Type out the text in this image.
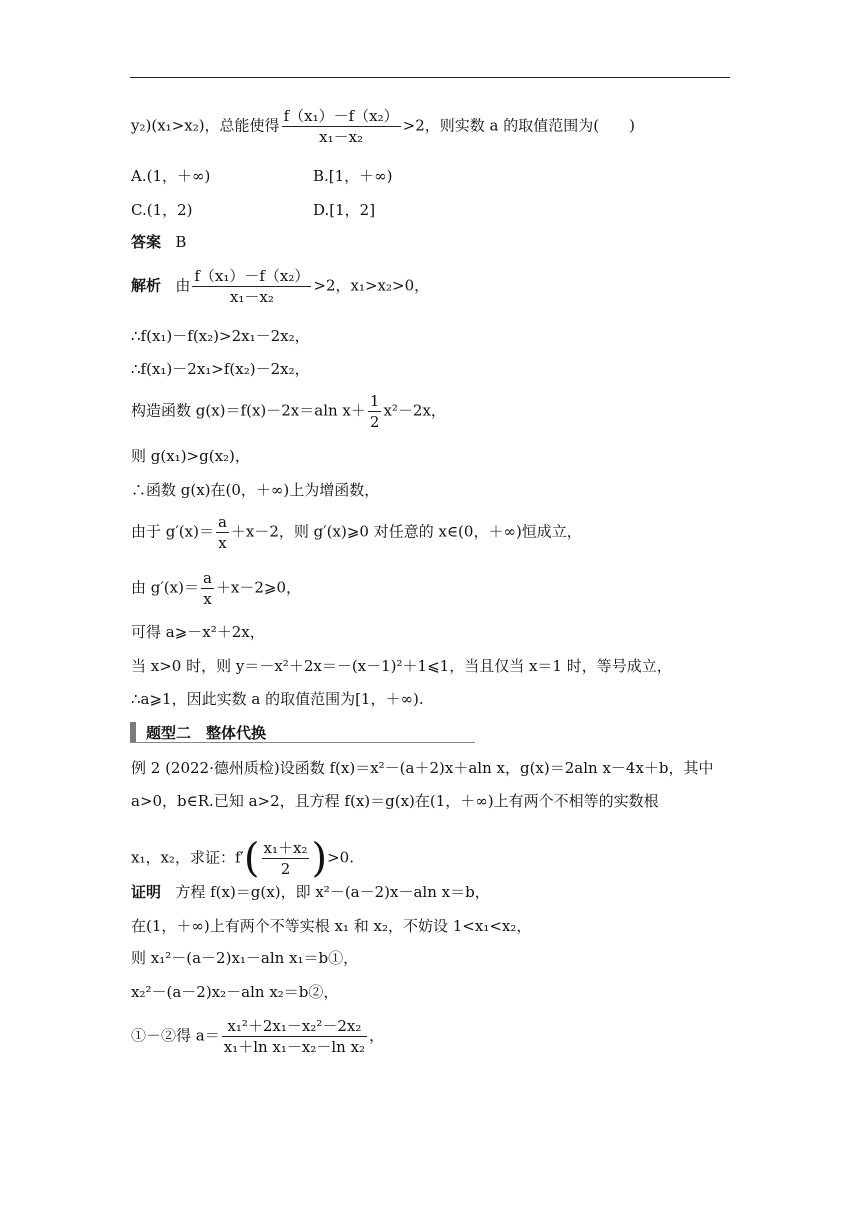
y₂)(x₁>x₂)，总能使得 $\frac{\text{f（x₁）－f（x₂）}}{\text{x₁－x₂}} >2$，则实数 a 的取值范围为(　　)
A.(1，＋∞)	B.[1，＋∞)
C.(1，2)	D.[1，2]
答案 B
解析 由 $\frac{\text{f（x₁）－f（x₂）}}{\text{x₁－x₂}} >2$，x₁>x₂>0，
∴f(x₁)－f(x₂)>2x₁－2x₂，
∴f(x₁)－2x₁>f(x₂)－2x₂，
构造函数 g(x)＝f(x)－2x＝aln $x+ \frac{1}{2} x^2-2x$，
则 g(x₁)>g(x₂)，
∴函数 g(x)在(0，＋∞)上为增函数，
由于 $g'(x)= \frac{a}{x} +x-2$，则 g′(x)⩾0 对任意的 x∈(0，＋∞)恒成立，
由 $g'(x)= \frac{a}{x}$ ＋x－2⩾0，
可得 a⩾－x²＋2x，
当 x>0 时，则 y＝－x²＋2x＝－(x－1)²＋1⩽1，当且仅当 x＝1 时，等号成立，
∴a⩾1，因此实数 a 的取值范围为[1，＋∞).
题型二　整体代换
例 2 (2022·德州质检)设函数 f(x)＝x²－(a＋2)x＋aln x，g(x)＝2aln x－4x＋b，其中
a>0，b∈R.已知 a>2，且方程 f(x)＝g(x)在(1，＋∞)上有两个不相等的实数根
x₁，x₂，求证：$f'( \frac{\text{x₁＋x₂}}{2} )>0$.
证明 方程 f(x)＝g(x)，即 x²－(a－2)x－aln x＝b，
在(1，＋∞)上有两个不等实根 x₁ 和 x₂，不妨设 1<x₁<x₂，
则 x₁²－(a－2)x₁－aln x₁＝b①，
x₂²－(a－2)x₂－aln x₂＝b②，
①－②得 $a= \frac{\text{x₁²＋2x₁－x₂²－2x₂}}{\text{x₁＋ln x₁－x₂－ln x₂}}$ ，
